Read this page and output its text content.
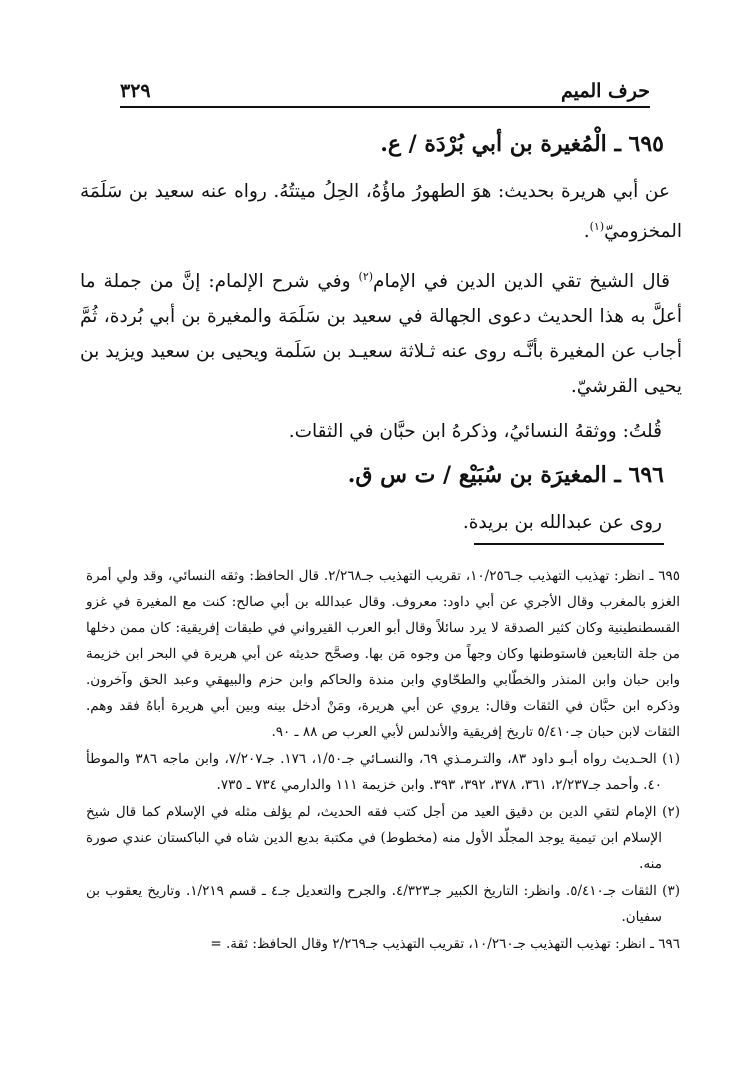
حرف الميم
٣٢٩
٦٩٥ ـ الْمُغيرة بن أبي بُرْدَة / ع.

عن أبي هريرة بحديث: هوَ الطهورُ ماؤُهُ، الحِلُ ميتتُهُ. رواه عنه سعيد بن سَلَمَة المخزوميّ$^{(١)}$.

قال الشيخ تقي الدين الدين في الإمام$^{(٢)}$ وفي شرح الإلمام: إنَّ من جملة ما أعلَّ به هذا الحديث دعوى الجهالة في سعيد بن سَلَمَة والمغيرة بن أبي بُردة، ثُمَّ أجاب عن المغيرة بأنَّـه روى عنه ثـلاثة سعيـد بن سَلَمة ويحيى بن سعيد ويزيد بن يحيى القرشيّ.

قُلتُ: ووثقهُ النسائيُ، وذكرهُ ابن حبَّان في الثقات.

٦٩٦ ـ المغيرَة بن سُبَيْع / ت س ق.

روى عن عبدالله بن بريدة.

٦٩٥ ـ انظر: تهذيب التهذيب جـ١٠/٢٥٦، تقريب التهذيب جـ٢/٢٦٨. قال الحافظ: وثقه النسائي، وقد ولي أمرة الغزو بالمغرب وقال الأجري عن أبي داود: معروف. وقال عبدالله بن أبي صالح: كنت مع المغيرة في غزو القسطنطينية وكان كثير الصدقة لا يرد سائلاً وقال أبو العرب القيرواني في طبقات إفريقية: كان ممن دخلها من جلة التابعين فاستوطنها وكان وجهاً من وجوه مَن بها. وصحَّح حديثه عن أبي هريرة في البحر ابن خزيمة وابن حبان وابن المنذر والخطّابي والطحّاوي وابن مندة والحاكم وابن حزم والبيهقي وعبد الحق وآخرون. وذكره ابن حبَّان في الثقات وقال: يروي عن أبي هريرة، ومَنْ أدخل بينه وبين أبي هريرة أباهُ فقد وهم. الثقات لابن حبان جـ٥/٤١٠ تاريخ إفريقية والأندلس لأبي العرب ص ٨٨ ـ ٩٠.

(١) الحـديث رواه أبـو داود ٨٣، والتـرمـذي ٦٩، والنسـائي جـ١/٥٠، ١٧٦. جـ٧/٢٠٧، وابن ماجه ٣٨٦ والموطأ ٤٠. وأحمد جـ٢/٢٣٧، ٣٦١، ٣٧٨، ٣٩٢، ٣٩٣. وابن خزيمة ١١١ والدارمي ٧٣٤ ـ ٧٣٥.

(٢) الإمام لتقي الدين بن دقيق العيد من أجل كتب فقه الحديث، لم يؤلف مثله في الإسلام كما قال شيخ الإسلام ابن تيمية يوجد المجلّد الأول منه (مخطوط) في مكتبة بديع الدين شاه في الباكستان عندي صورة منه.

(٣) الثقات جـ٥/٤١٠. وانظر: التاريخ الكبير جـ٤/٣٢٣. والجرح والتعديل جـ٤ ـ قسم ١/٢١٩. وتاريخ يعقوب بن سفيان.

٦٩٦ ـ انظر: تهذيب التهذيب جـ١٠/٢٦٠، تقريب التهذيب جـ٢/٢٦٩ وقال الحافظ: ثقة. =
